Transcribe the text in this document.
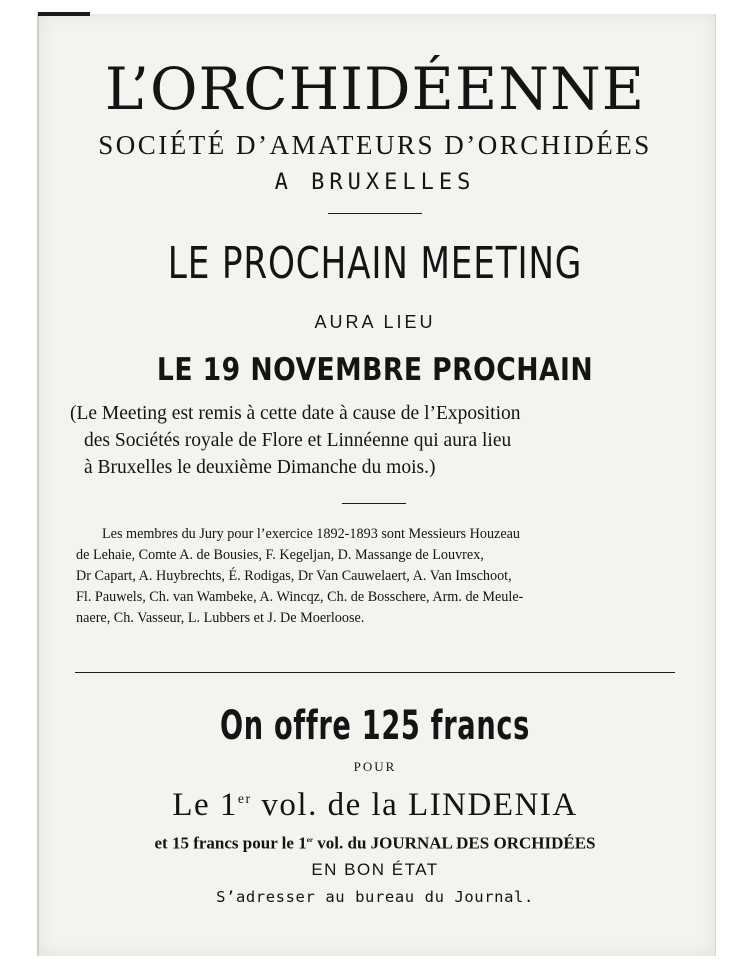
L’ORCHIDÉENNE
SOCIÉTÉ D’AMATEURS D’ORCHIDÉES
A BRUXELLES
LE PROCHAIN MEETING
AURA LIEU
LE 19 NOVEMBRE PROCHAIN
(Le Meeting est remis à cette date à cause de l’Exposition
des Sociétés royale de Flore et Linnéenne qui aura lieu
à Bruxelles le deuxième Dimanche du mois.)
Les membres du Jury pour l’exercice 1892-1893 sont Messieurs Houzeau
de Lehaie, Comte A. de Bousies, F. Kegeljan, D. Massange de Louvrex,
Dr Capart, A. Huybrechts, É. Rodigas, Dr Van Cauwelaert, A. Van Imschoot,
Fl. Pauwels, Ch. van Wambeke, A. Wincqz, Ch. de Bosschere, Arm. de Meule-
naere, Ch. Vasseur, L. Lubbers et J. De Moerloose.
On offre 125 francs
POUR
Le 1er vol. de la LINDENIA
et 15 francs pour le 1er vol. du JOURNAL DES ORCHIDÉES
EN BON ÉTAT
S’adresser au bureau du Journal.
